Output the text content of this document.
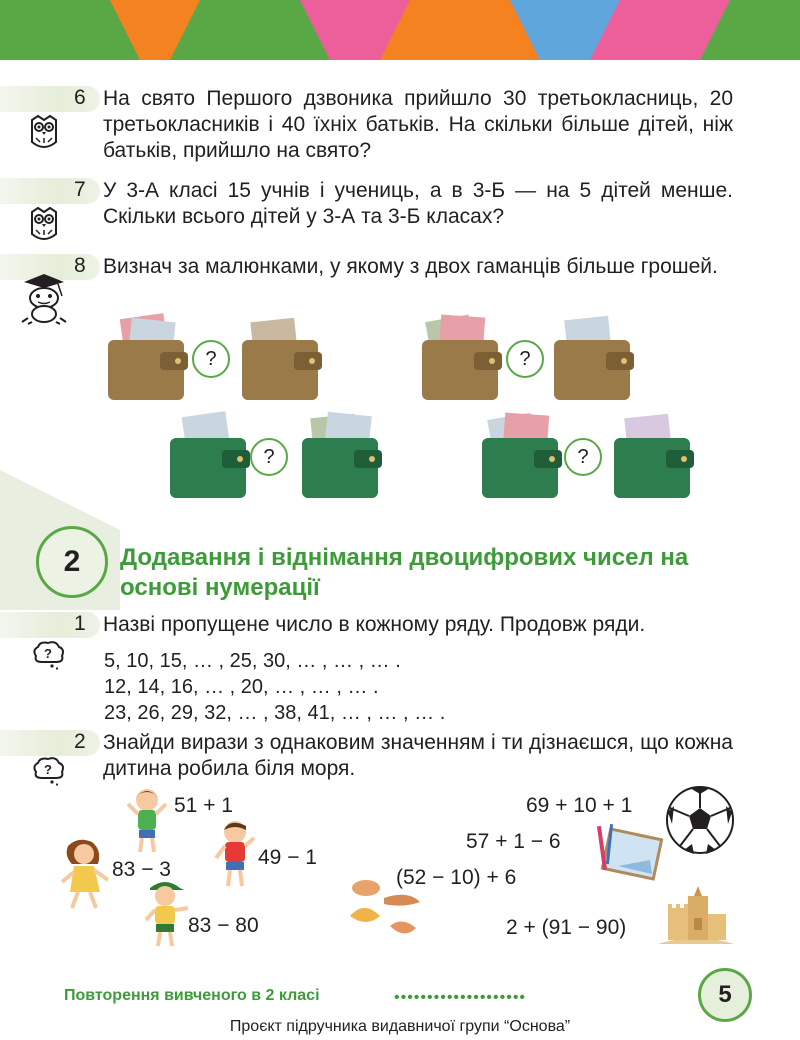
6 На свято Першого дзвоника прийшло 30 третьокласниць, 20 третьокласників і 40 їхніх батьків. На скільки більше дітей, ніж батьків, прийшло на свято?
7 У 3-А класі 15 учнів і учениць, а в 3-Б — на 5 дітей менше. Скільки всього дітей у 3-А та 3-Б класах?
8 Визнач за малюнками, у якому з двох гаманців більше грошей.
?	?
?	?
2	Додавання і віднімання двоцифрових чисел на основі нумерації
1 Назві пропущене число в кожному ряду. Продовж ряди.
?	5, 10, 15, … , 25, 30, … , … , … .
12, 14, 16, … , 20, … , … , … .
23, 26, 29, 32, … , 38, 41, … , … , … .
2 Знайди вирази з однаковим значенням і ти дізнаєшся, що кожна дитина робила біля моря.
?
51 + 1
83 − 3
49 − 1
83 − 80
69 + 10 + 1
57 + 1 − 6
(52 − 10) + 6
2 + (91 − 90)
Повторення вивченого в 2 класі	••••••••••••••••••••	5
Проєкт підручника видавничої групи “Основа”
